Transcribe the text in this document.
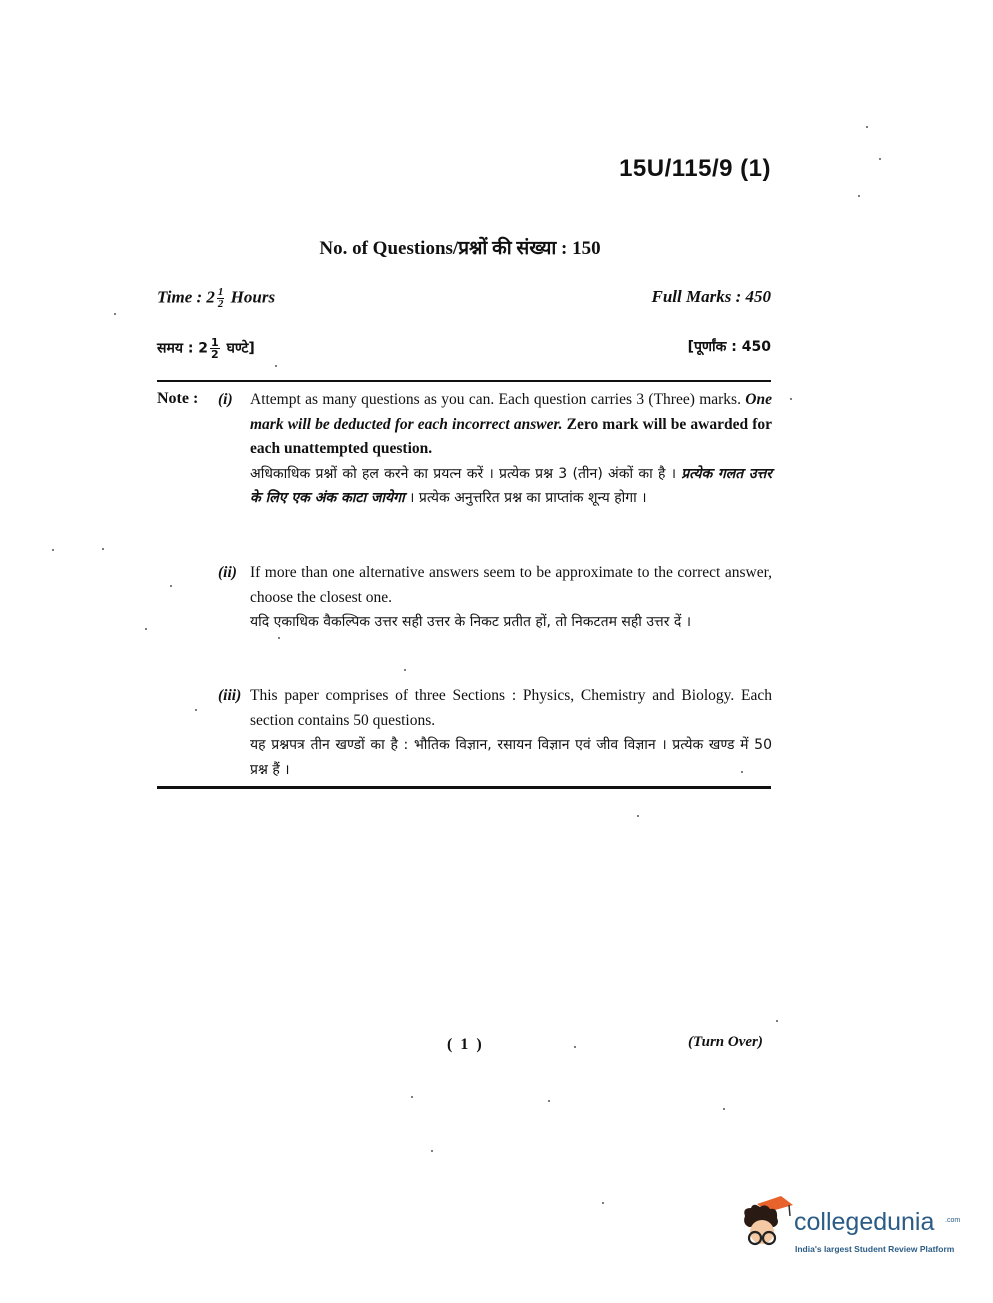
15U/115/9 (1)
No. of Questions/प्रश्नों की संख्या : 150
Time : $2 \frac{1}{2}$ Hours	Full Marks : 450
समय : $2 \frac{1}{2}$ घण्टे]	[पूर्णांक : 450
Note : (i) Attempt as many questions as you can. Each question carries 3 (Three) marks. One mark will be deducted for each incorrect answer. Zero mark will be awarded for each unattempted question.

अधिकाधिक प्रश्नों को हल करने का प्रयत्न करें । प्रत्येक प्रश्न 3 (तीन) अंकों का है । प्रत्येक गलत उत्तर के लिए एक अंक काटा जायेगा । प्रत्येक अनुत्तरित प्रश्न का प्राप्तांक शून्य होगा ।

(ii) If more than one alternative answers seem to be approximate to the correct answer, choose the closest one.

यदि एकाधिक वैकल्पिक उत्तर सही उत्तर के निकट प्रतीत हों, तो निकटतम सही उत्तर दें ।

(iii) This paper comprises of three Sections : Physics, Chemistry and Biology. Each section contains 50 questions.

यह प्रश्नपत्र तीन खण्डों का है : भौतिक विज्ञान, रसायन विज्ञान एवं जीव विज्ञान । प्रत्येक खण्ड में 50 प्रश्न हैं ।

( 1 )	(Turn Over)
collegedunia .com
India's largest Student Review Platform
